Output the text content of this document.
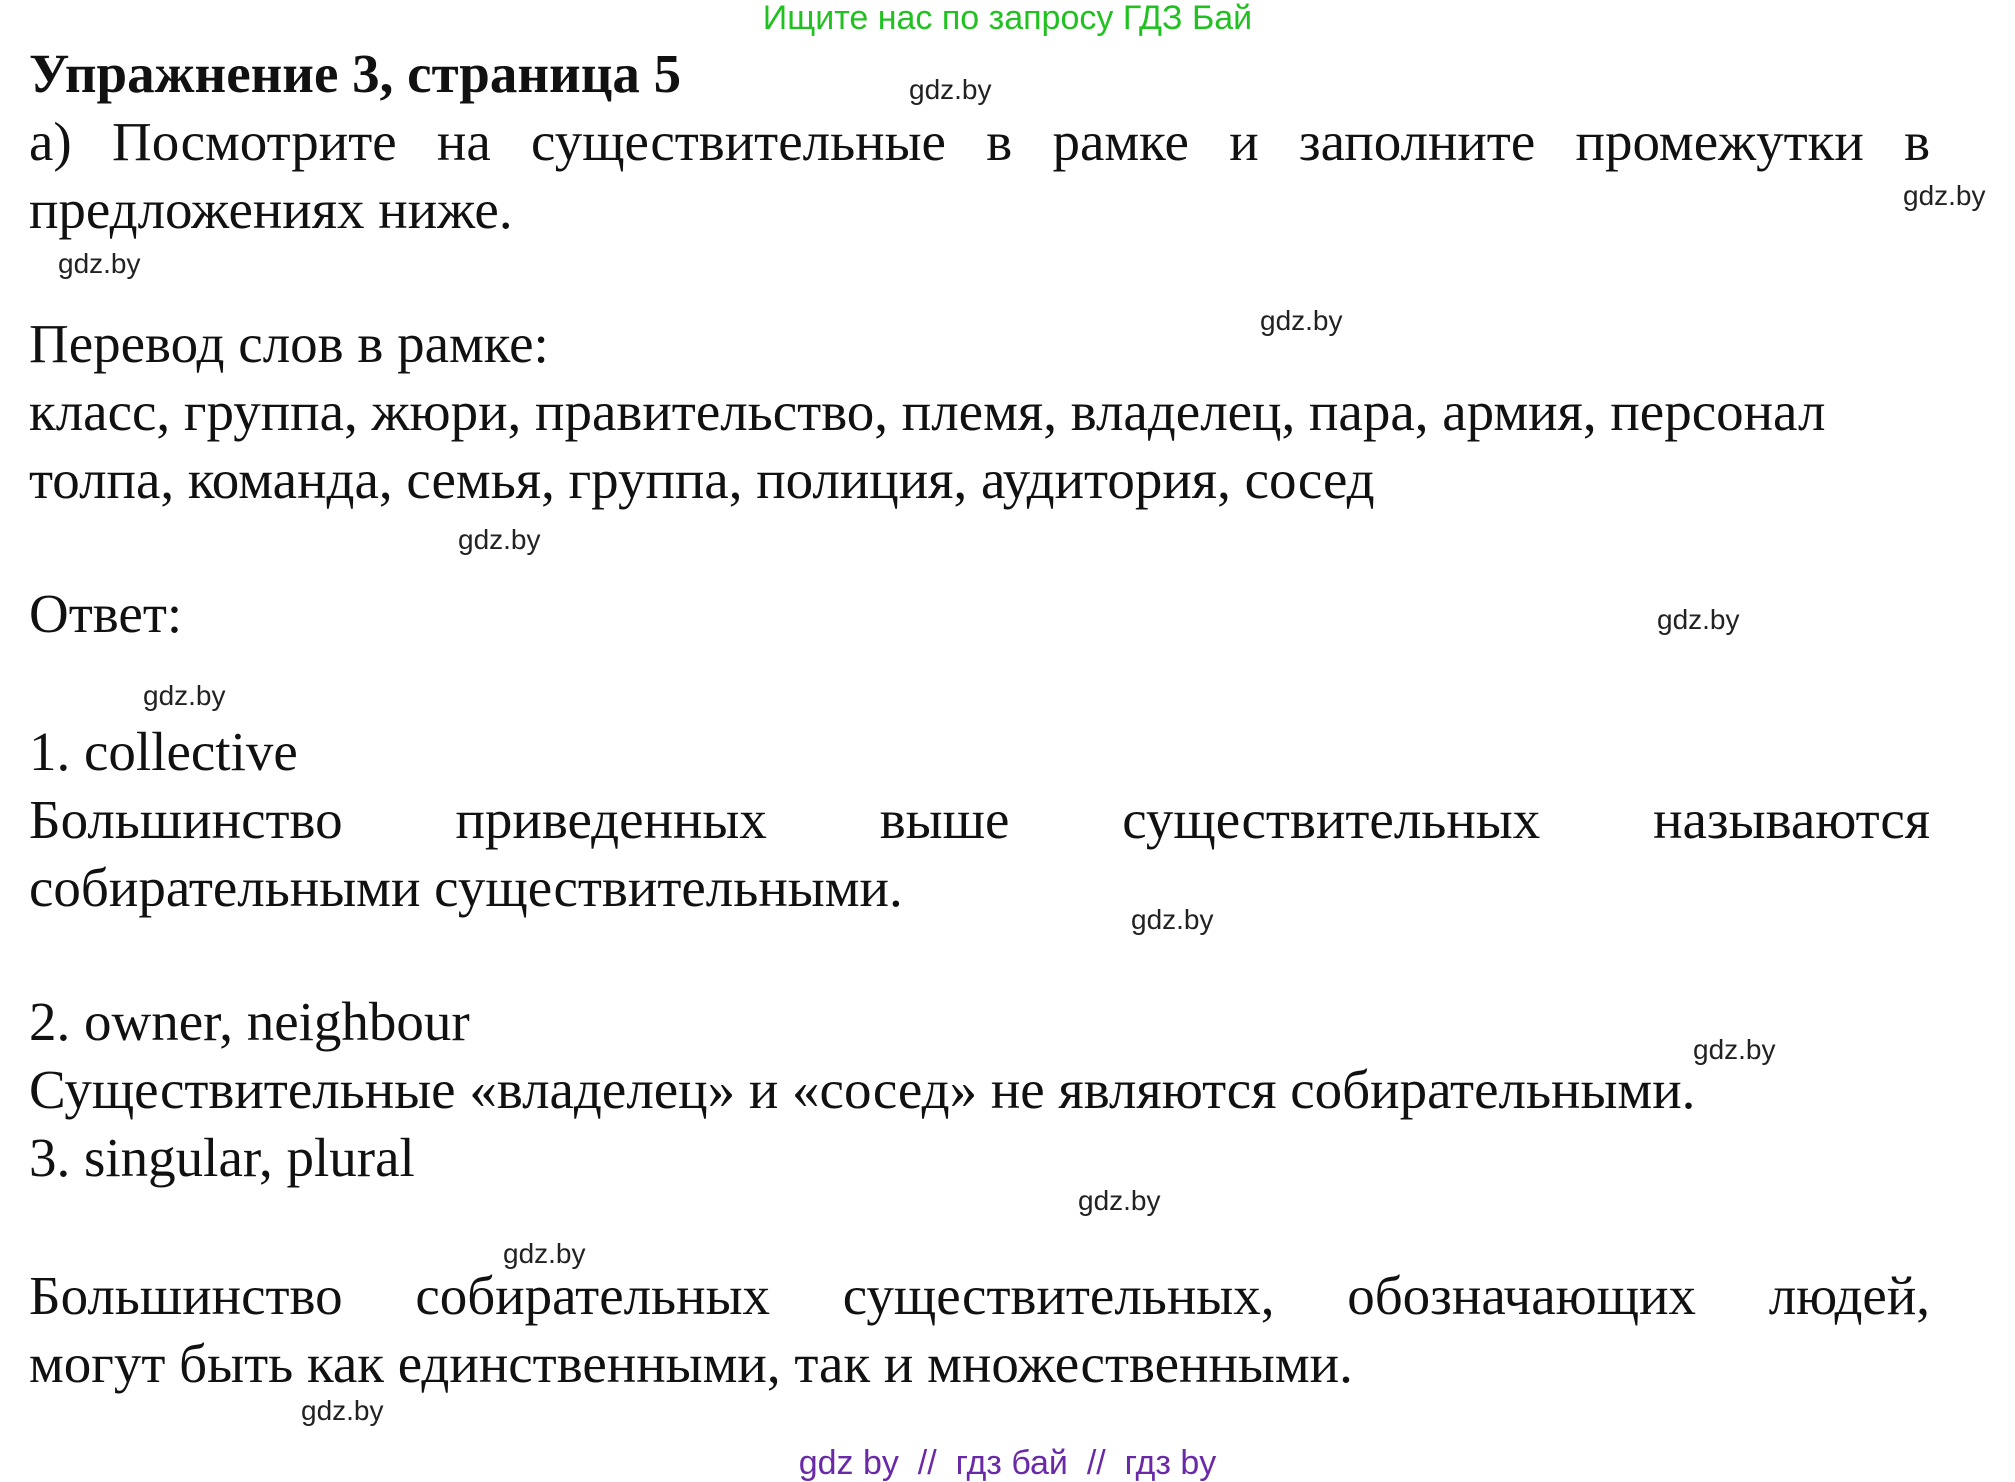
Ищите нас по запросу ГДЗ Бай
Упражнение 3, страница 5
а) Посмотрите на существительные в рамке и заполните промежутки в
предложениях ниже.
Перевод слов в рамке:
класс, группа, жюри, правительство, племя, владелец, пара, армия, персонал
толпа, команда, семья, группа, полиция, аудитория, сосед
Ответ:
1. collective
Большинство приведенных выше существительных называются
собирательными существительными.
2. owner, neighbour
Существительные «владелец» и «сосед» не являются собирательными.
3. singular, plural
Большинство собирательных существительных, обозначающих людей,
могут быть как единственными, так и множественными.
gdz.by
gdz.by
gdz.by
gdz.by
gdz.by
gdz.by
gdz.by
gdz.by
gdz.by
gdz.by
gdz.by
gdz.by
gdz by  //  гдз бай  //  гдз by
